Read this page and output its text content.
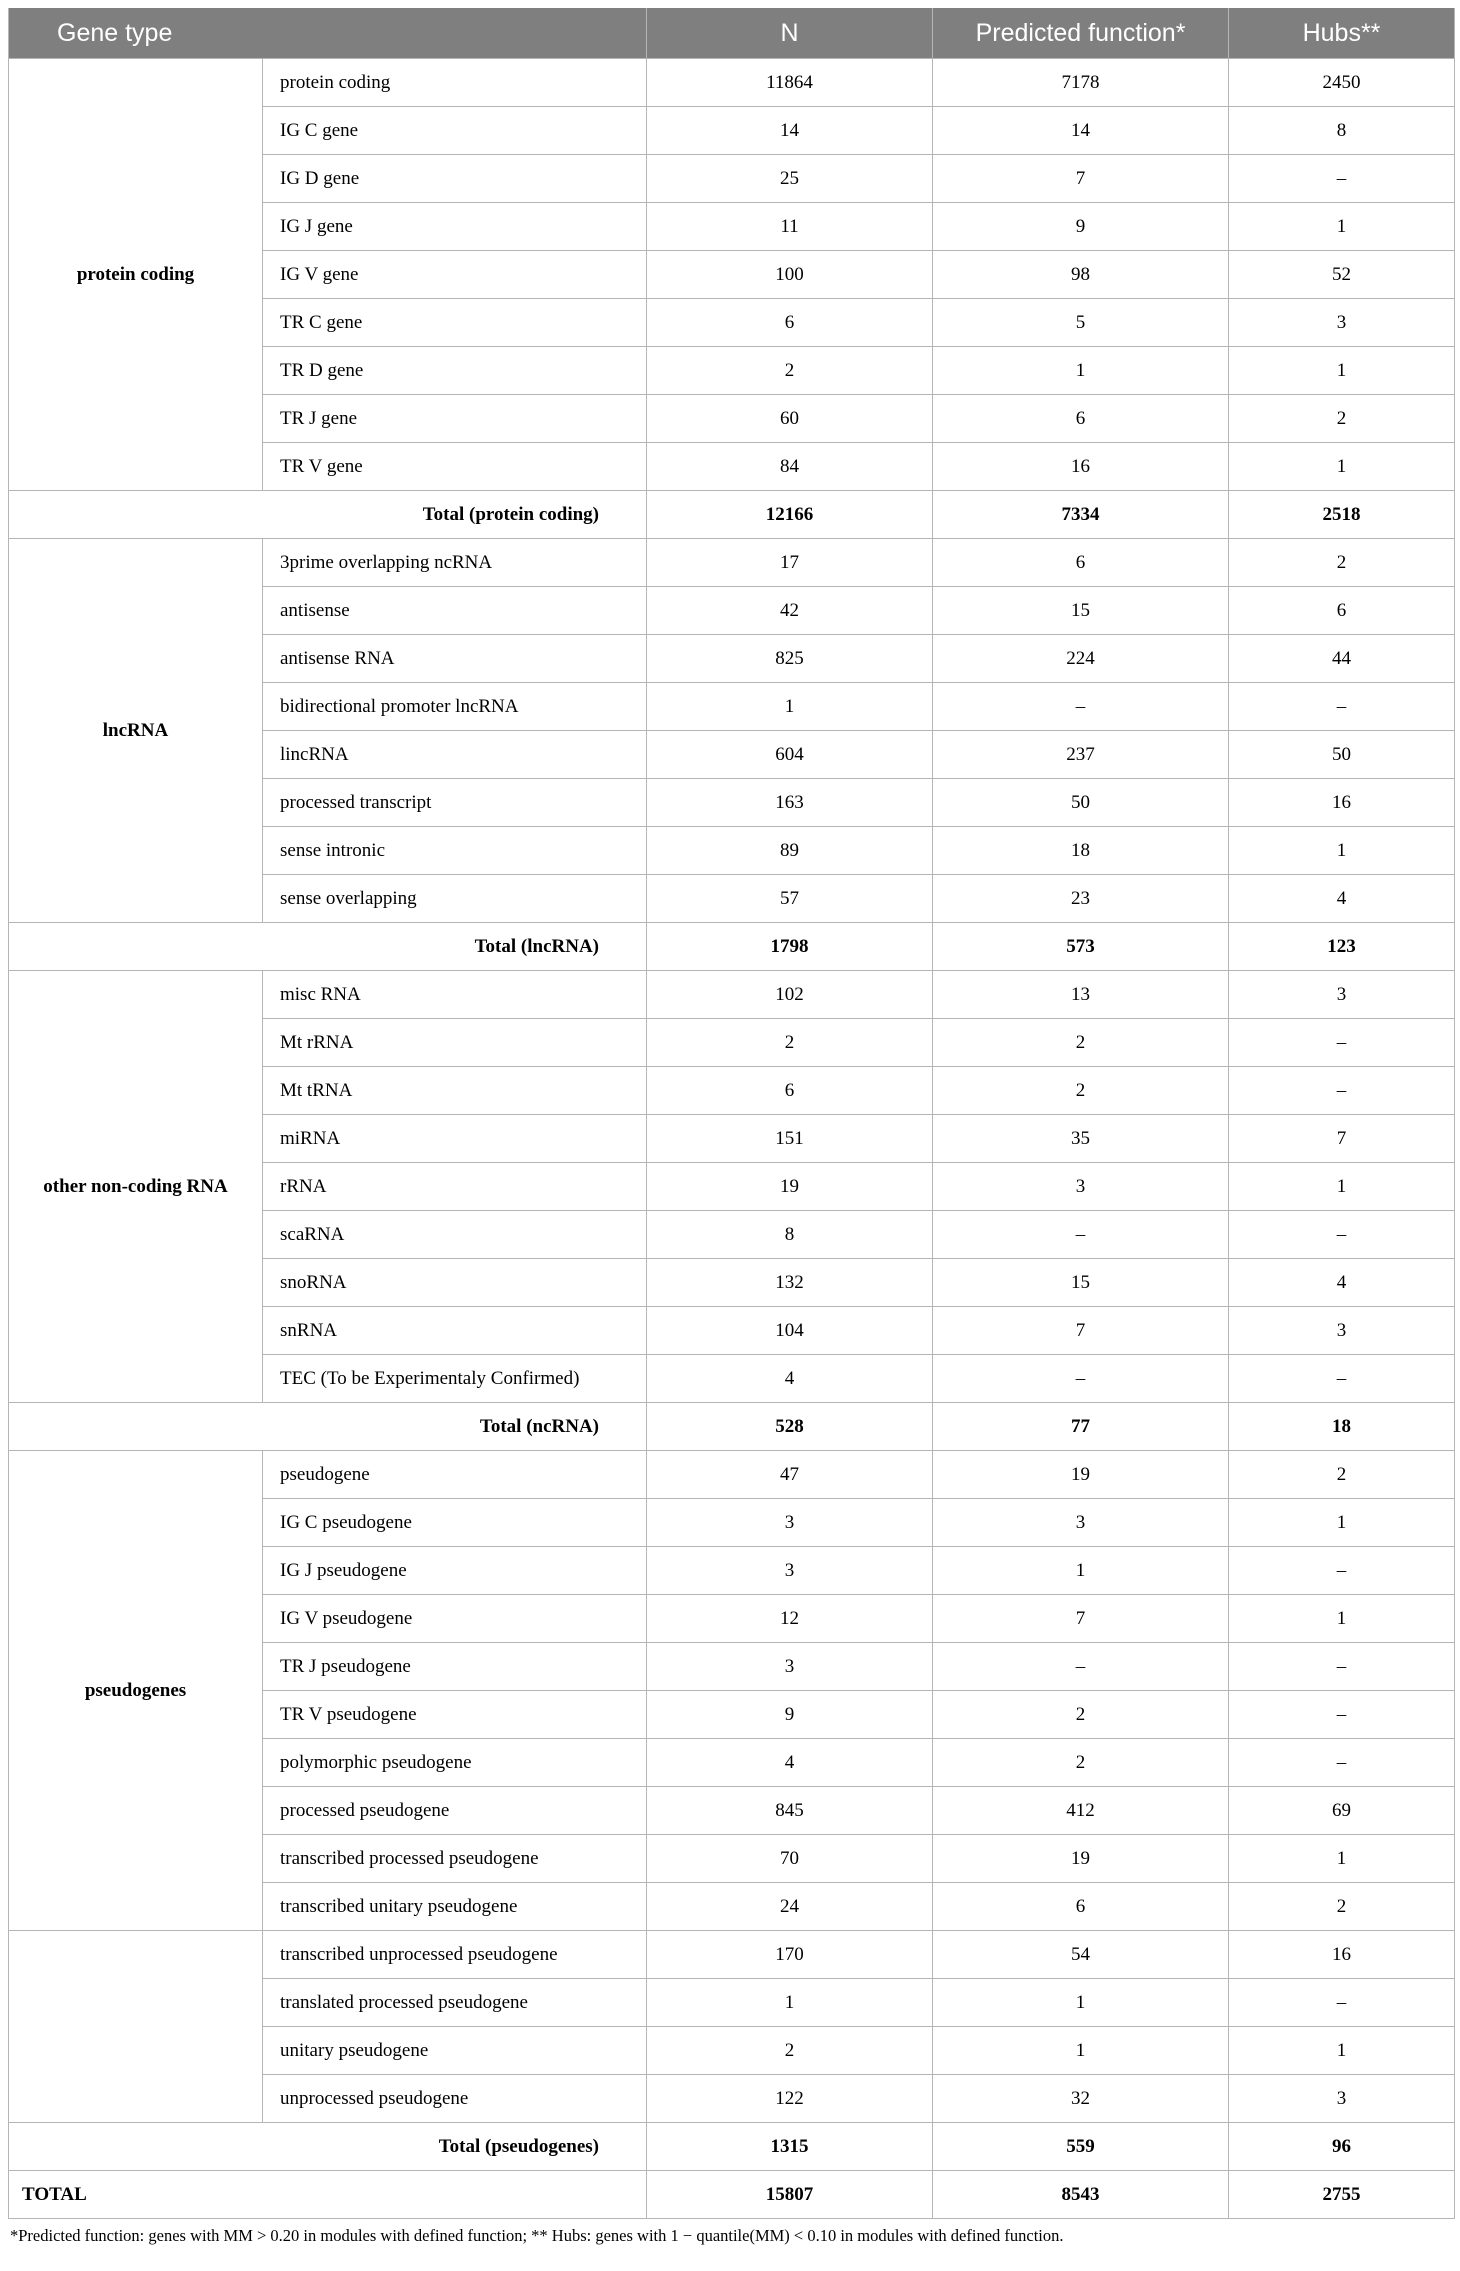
Gene type		N	Predicted function*	Hubs**
protein coding	protein coding	11864	7178	2450
	IG C gene	14	14	8
	IG D gene	25	7	–
	IG J gene	11	9	1
	IG V gene	100	98	52
	TR C gene	6	5	3
	TR D gene	2	1	1
	TR J gene	60	6	2
	TR V gene	84	16	1
Total (protein coding)		12166	7334	2518
lncRNA	3prime overlapping ncRNA	17	6	2
	antisense	42	15	6
	antisense RNA	825	224	44
	bidirectional promoter lncRNA	1	–	–
	lincRNA	604	237	50
	processed transcript	163	50	16
	sense intronic	89	18	1
	sense overlapping	57	23	4
Total (lncRNA)		1798	573	123
other non-coding RNA	misc RNA	102	13	3
	Mt rRNA	2	2	–
	Mt tRNA	6	2	–
	miRNA	151	35	7
	rRNA	19	3	1
	scaRNA	8	–	–
	snoRNA	132	15	4
	snRNA	104	7	3
	TEC (To be Experimentaly Confirmed)	4	–	–
Total (ncRNA)		528	77	18
pseudogenes	pseudogene	47	19	2
	IG C pseudogene	3	3	1
	IG J pseudogene	3	1	–
	IG V pseudogene	12	7	1
	TR J pseudogene	3	–	–
	TR V pseudogene	9	2	–
	polymorphic pseudogene	4	2	–
	processed pseudogene	845	412	69
	transcribed processed pseudogene	70	19	1
	transcribed unitary pseudogene	24	6	2
	transcribed unprocessed pseudogene	170	54	16
	translated processed pseudogene	1	1	–
	unitary pseudogene	2	1	1
	unprocessed pseudogene	122	32	3
Total (pseudogenes)		1315	559	96
TOTAL		15807	8543	2755
*Predicted function: genes with MM > 0.20 in modules with defined function; ** Hubs: genes with 1 − quantile(MM) < 0.10 in modules with defined function.
